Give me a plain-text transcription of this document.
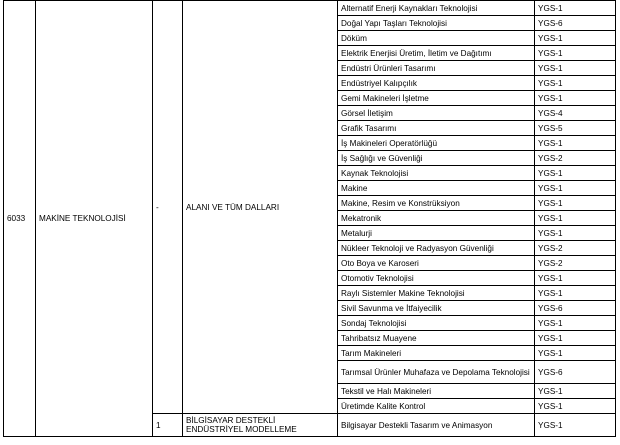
6033	MAKİNE TEKNOLOJİSİ	-	ALANI VE TÜM DALLARI	Alternatif Enerji Kaynakları Teknolojisi	YGS-1
				Doğal Yapı Taşları Teknolojisi	YGS-6
				Döküm	YGS-1
				Elektrik Enerjisi Üretim, İletim ve Dağıtımı	YGS-1
				Endüstri Ürünleri Tasarımı	YGS-1
				Endüstriyel Kalıpçılık	YGS-1
				Gemi Makineleri İşletme	YGS-1
				Görsel İletişim	YGS-4
				Grafik Tasarımı	YGS-5
				İş Makineleri Operatörlüğü	YGS-1
				İş Sağlığı ve Güvenliği	YGS-2
				Kaynak Teknolojisi	YGS-1
				Makine	YGS-1
				Makine, Resim ve Konstrüksiyon	YGS-1
				Mekatronik	YGS-1
				Metalurji	YGS-1
				Nükleer Teknoloji ve Radyasyon Güvenliği	YGS-2
				Oto Boya ve Karoseri	YGS-2
				Otomotiv Teknolojisi	YGS-1
				Raylı Sistemler Makine Teknolojisi	YGS-1
				Sivil Savunma ve İtfaiyecilik	YGS-6
				Sondaj Teknolojisi	YGS-1
				Tahribatsız Muayene	YGS-1
				Tarım Makineleri	YGS-1
				Tarımsal Ürünler Muhafaza ve Depolama Teknolojisi	YGS-6
				Tekstil ve Halı Makineleri	YGS-1
				Üretimde Kalite Kontrol	YGS-1
		1	BİLGİSAYAR DESTEKLİ ENDÜSTRİYEL MODELLEME	Bilgisayar Destekli Tasarım ve Animasyon	YGS-1
